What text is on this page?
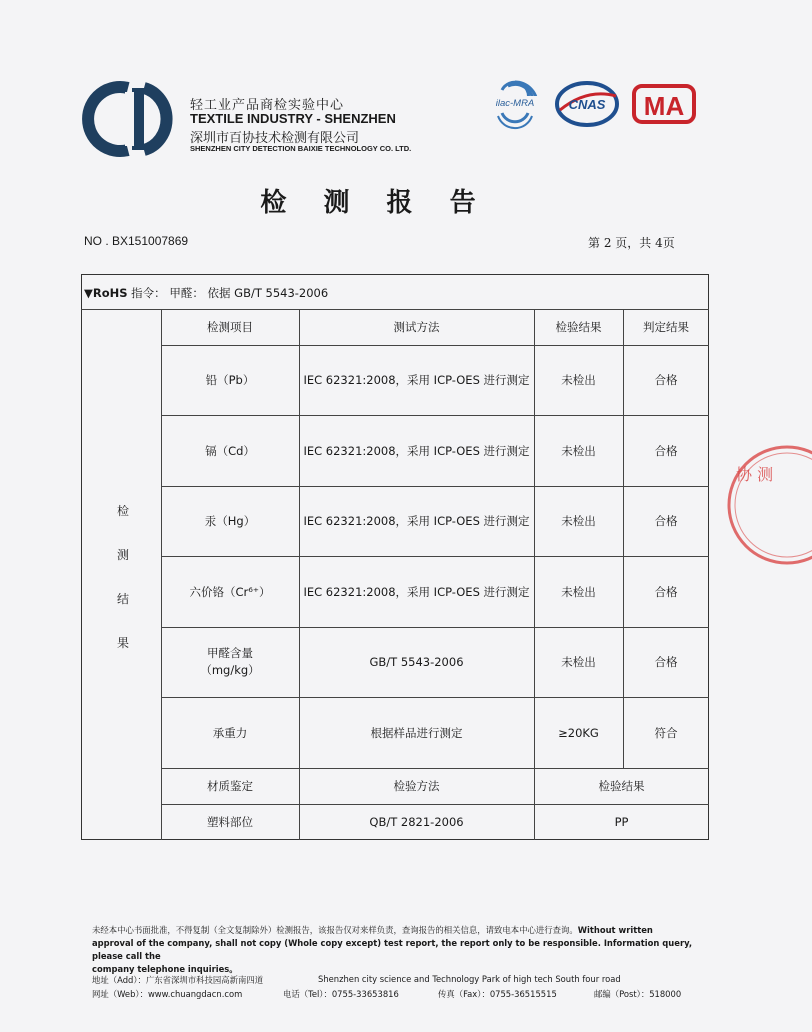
轻工业产品商检实验中心
TEXTILE INDUSTRY - SHENZHEN
深圳市百协技术检测有限公司
SHENZHEN CITY DETECTION BAIXIE TECHNOLOGY CO. LTD.
ilac-MRA	CNAS MA
检 测 报 告
NO . BX151007869	第 2 页，共 4页
▼RoHS 指令： 甲醛： 依据 GB/T 5543-2006
检
测
结
果
检测项目	测试方法	检验结果	判定结果
铅（Pb）	IEC 62321:2008，采用 ICP-OES 进行测定	未检出	合格
镉（Cd）	IEC 62321:2008，采用 ICP-OES 进行测定	未检出	合格
汞（Hg）	IEC 62321:2008，采用 ICP-OES 进行测定	未检出	合格
六价铬（Cr⁶⁺）	IEC 62321:2008，采用 ICP-OES 进行测定	未检出	合格
甲醛含量
（mg/kg）
GB/T 5543-2006	未检出	合格
承重力	根据样品进行测定	≥20KG	符合
材质鉴定	检验方法	检验结果
塑料部位	QB/T 2821-2006	PP
协 测
未经本中心书面批准，不得复制（全文复制除外）检测报告，该报告仅对来样负责，查询报告的相关信息，请致电本中心进行查询。Without written
approval of the company, shall not copy (Whole copy except) test report, the report only to be responsible. Information query, please call the
company telephone inquiries。
地址（Add）：广东省深圳市科技园高新南四道	Shenzhen city science and Technology Park of high tech South four road
网址（Web）：www.chuangdacn.com	电话（Tel）：0755-33653816	传真（Fax）：0755-36515515	邮编（Post）：518000
